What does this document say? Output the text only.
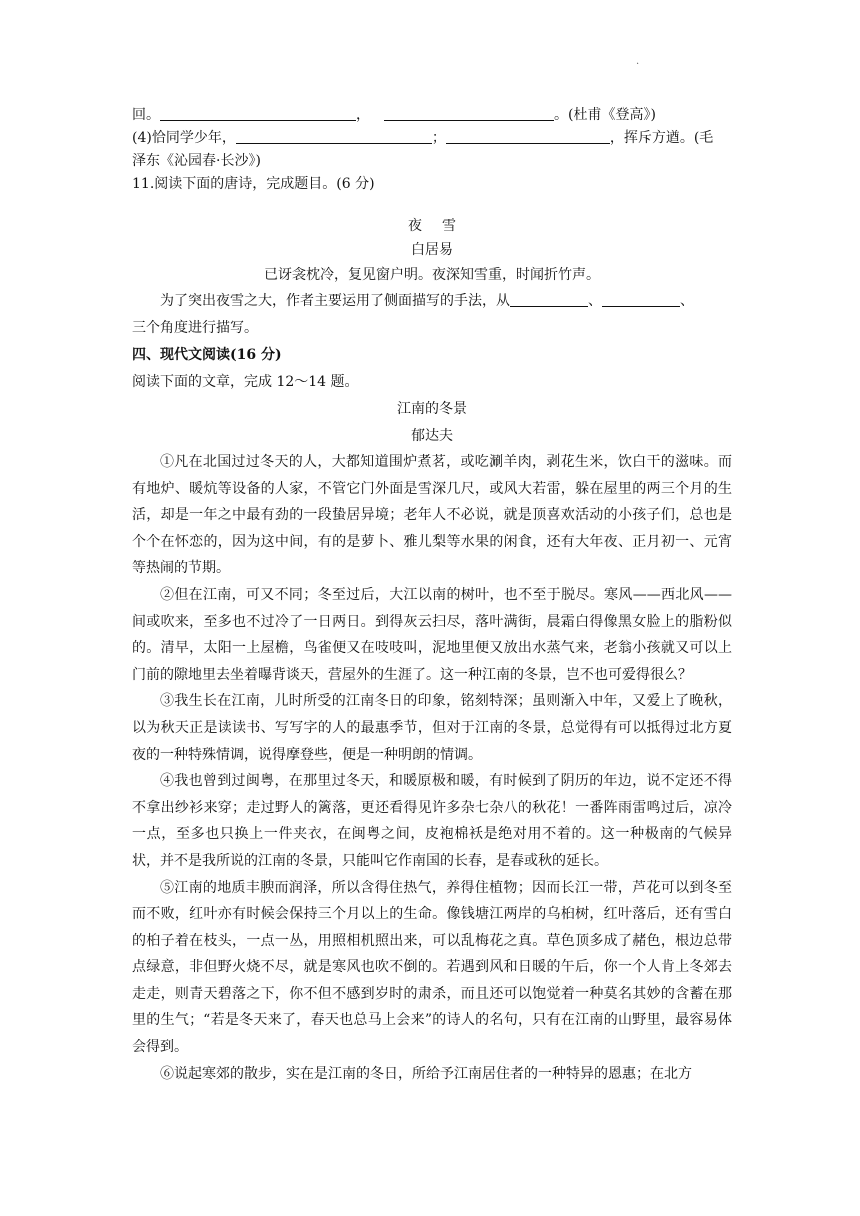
.
回。	，	。(杜甫《登高》)
(4)恰同学少年，	；	，挥斥方遒。(毛
泽东《沁园春·长沙》)
11.阅读下面的唐诗，完成题目。(6 分)
夜 雪
白居易
已讶衾枕冷，复见窗户明。夜深知雪重，时闻折竹声。
为了突出夜雪之大，作者主要运用了侧面描写的手法，从	、	、
三个角度进行描写。
四、现代文阅读(16 分)
阅读下面的文章，完成 12～14 题。
江南的冬景
郁达夫

①凡在北国过过冬天的人，大都知道围炉煮茗，或吃涮羊肉，剥花生米，饮白干的滋味。而有地炉、暖炕等设备的人家，不管它门外面是雪深几尺，或风大若雷，躲在屋里的两三个月的生活，却是一年之中最有劲的一段蛰居异境；老年人不必说，就是顶喜欢活动的小孩子们，总也是个个在怀恋的，因为这中间，有的是萝卜、雅儿梨等水果的闲食，还有大年夜、正月初一、元宵等热闹的节期。

②但在江南，可又不同；冬至过后，大江以南的树叶，也不至于脱尽。寒风——西北风——间或吹来，至多也不过冷了一日两日。到得灰云扫尽，落叶满街，晨霜白得像黑女脸上的脂粉似的。清早，太阳一上屋檐，鸟雀便又在吱吱叫，泥地里便又放出水蒸气来，老翁小孩就又可以上门前的隙地里去坐着曝背谈天，营屋外的生涯了。这一种江南的冬景，岂不也可爱得很么？

③我生长在江南，儿时所受的江南冬日的印象，铭刻特深；虽则渐入中年，又爱上了晚秋，以为秋天正是读读书、写写字的人的最惠季节，但对于江南的冬景，总觉得有可以抵得过北方夏夜的一种特殊情调，说得摩登些，便是一种明朗的情调。

④我也曾到过闽粤，在那里过冬天，和暖原极和暖，有时候到了阴历的年边，说不定还不得不拿出纱衫来穿；走过野人的篱落，更还看得见许多杂七杂八的秋花！一番阵雨雷鸣过后，凉冷一点，至多也只换上一件夹衣，在闽粤之间，皮袍棉袄是绝对用不着的。这一种极南的气候异状，并不是我所说的江南的冬景，只能叫它作南国的长春，是春或秋的延长。

⑤江南的地质丰腴而润泽，所以含得住热气，养得住植物；因而长江一带，芦花可以到冬至而不败，红叶亦有时候会保持三个月以上的生命。像钱塘江两岸的乌桕树，红叶落后，还有雪白的桕子着在枝头，一点一丛，用照相机照出来，可以乱梅花之真。草色顶多成了赭色，根边总带点绿意，非但野火烧不尽，就是寒风也吹不倒的。若遇到风和日暖的午后，你一个人肯上冬郊去走走，则青天碧落之下，你不但不感到岁时的肃杀，而且还可以饱觉着一种莫名其妙的含蓄在那里的生气；“若是冬天来了，春天也总马上会来”的诗人的名句，只有在江南的山野里，最容易体会得到。

⑥说起寒郊的散步，实在是江南的冬日，所给予江南居住者的一种特异的恩惠；在北方
